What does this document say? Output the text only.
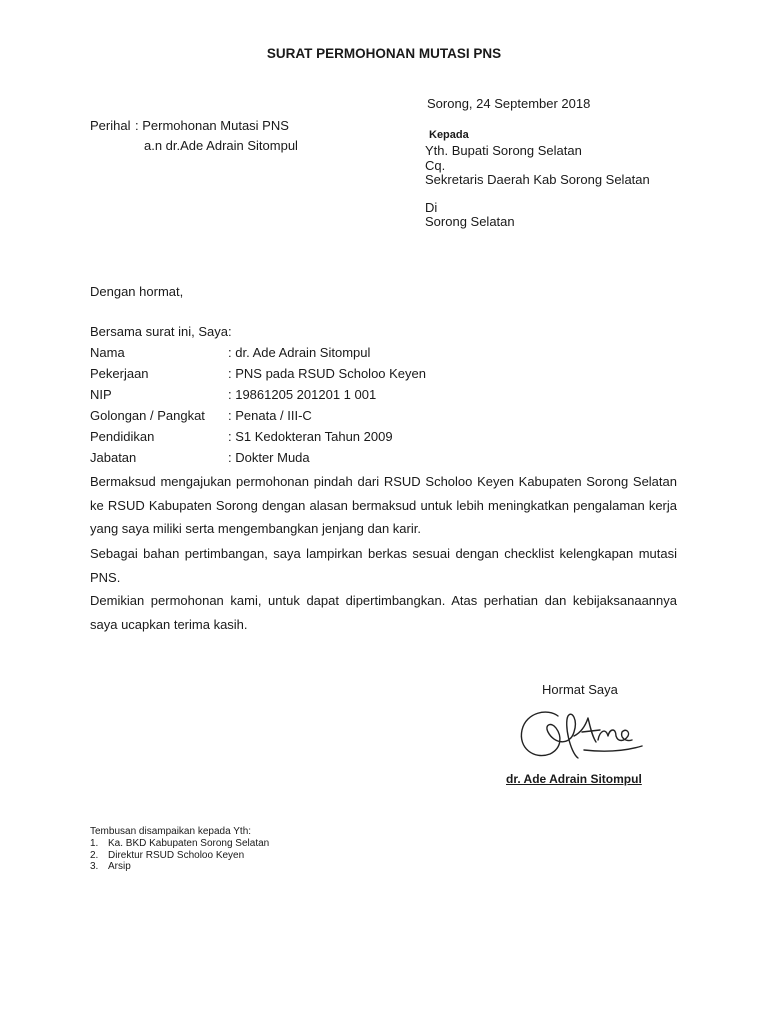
SURAT PERMOHONAN MUTASI PNS
Sorong, 24 September 2018
Perihal : Permohonan Mutasi PNS
a.n dr.Ade Adrain Sitompul
Kepada
Yth. Bupati Sorong Selatan
Cq.
Sekretaris Daerah Kab Sorong Selatan
Di
Sorong Selatan
Dengan hormat,
Bersama surat ini, Saya:
Nama	: dr. Ade Adrain Sitompul
Pekerjaan	: PNS pada RSUD Scholoo Keyen
NIP	: 19861205 201201 1 001
Golongan / Pangkat : Penata / III-C
Pendidikan	: S1 Kedokteran Tahun 2009
Jabatan	: Dokter Muda
Bermaksud mengajukan permohonan pindah dari RSUD Scholoo Keyen Kabupaten Sorong Selatan ke RSUD Kabupaten Sorong dengan alasan bermaksud untuk lebih meningkatkan pengalaman kerja yang saya miliki serta mengembangkan jenjang dan karir.
Sebagai bahan pertimbangan, saya lampirkan berkas sesuai dengan checklist kelengkapan mutasi PNS.
Demikian permohonan kami, untuk dapat dipertimbangkan. Atas perhatian dan kebijaksanaannya saya ucapkan terima kasih.
Hormat Saya
dr. Ade Adrain Sitompul
Tembusan disampaikan kepada Yth:
1. Ka. BKD Kabupaten Sorong Selatan
2. Direktur RSUD Scholoo Keyen
3. Arsip
